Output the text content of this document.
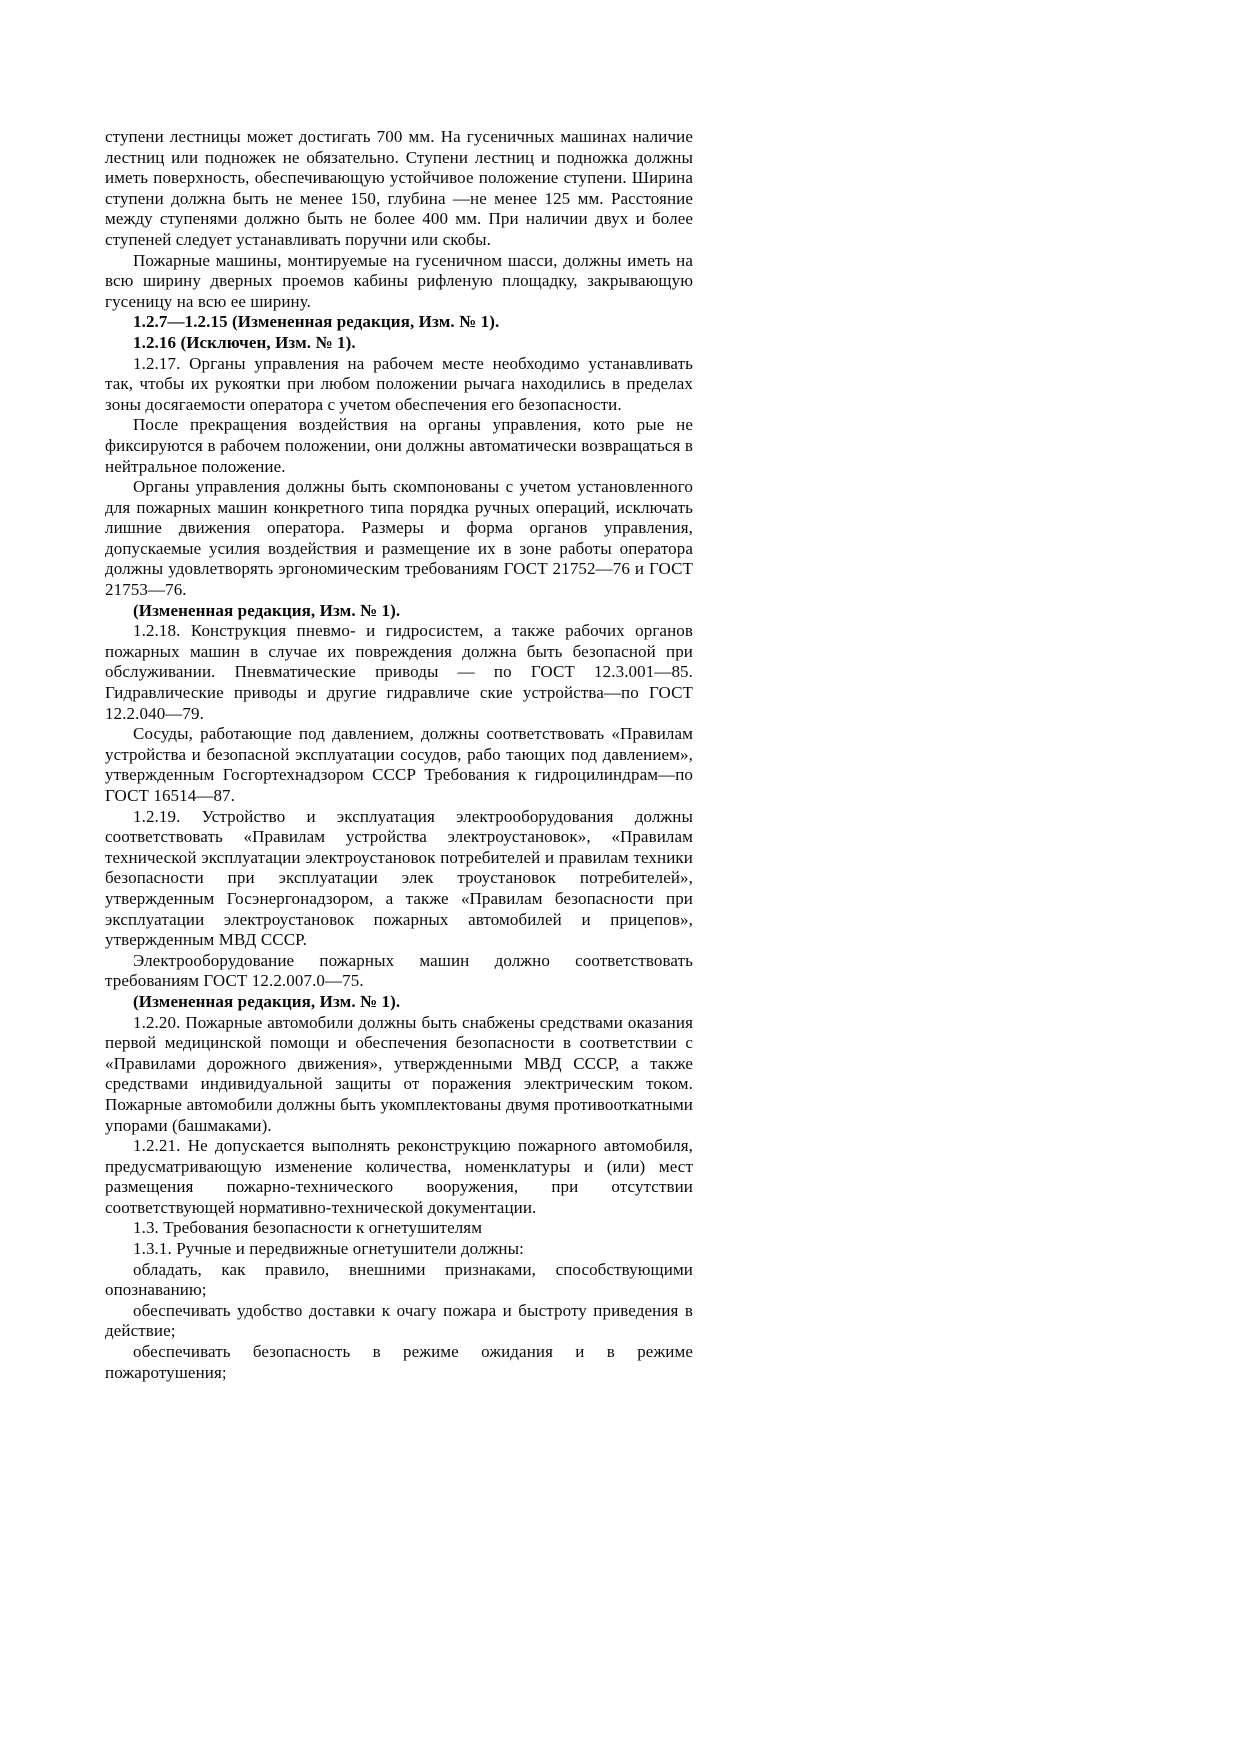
ступени лестницы может достигать 700 мм. На гусеничных машинах наличие лестниц или подножек не обязательно. Ступени лестниц и подножка должны иметь поверхность, обеспечивающую устойчивое положение ступени. Ширина ступени должна быть не менее 150, глубина —не менее 125 мм. Расстояние между ступенями должно быть не более 400 мм. При наличии двух и более ступеней следует устанавливать поручни или скобы.

Пожарные машины, монтируемые на гусеничном шасси, должны иметь на всю ширину дверных проемов кабины рифленую площадку, закрывающую гусеницу на всю ее ширину.

1.2.7—1.2.15 (Измененная редакция, Изм. № 1).

1.2.16 (Исключен, Изм. № 1).

1.2.17. Органы управления на рабочем месте необходимо устанавливать так, чтобы их рукоятки при любом положении рычага находились в пределах зоны досягаемости оператора с учетом обеспечения его безопасности.

После прекращения воздействия на органы управления, кото рые не фиксируются в рабочем положении, они должны автоматически возвращаться в нейтральное положение.

Органы управления должны быть скомпонованы с учетом установленного для пожарных машин конкретного типа порядка ручных операций, исключать лишние движения оператора. Размеры и форма органов управления, допускаемые усилия воздействия и размещение их в зоне работы оператора должны удовлетворять эргономическим требованиям ГОСТ 21752—76 и ГОСТ 21753—76.

(Измененная редакция, Изм. № 1).

1.2.18. Конструкция пневмо- и гидросистем, а также рабочих органов пожарных машин в случае их повреждения должна быть безопасной при обслуживании. Пневматические приводы — по ГОСТ 12.3.001—85. Гидравлические приводы и другие гидравличе ские устройства—по ГОСТ 12.2.040—79.

Сосуды, работающие под давлением, должны соответствовать «Правилам устройства и безопасной эксплуатации сосудов, рабо тающих под давлением», утвержденным Госгортехнадзором СССР Требования к гидроцилиндрам—по ГОСТ 16514—87.

1.2.19. Устройство и эксплуатация электрооборудования должны соответствовать «Правилам устройства электроустановок», «Правилам технической эксплуатации электроустановок потребителей и правилам техники безопасности при эксплуатации элек троустановок потребителей», утвержденным Госэнергонадзором, а также «Правилам безопасности при эксплуатации электроустановок пожарных автомобилей и прицепов», утвержденным МВД СССР.

Электрооборудование пожарных машин должно соответствовать требованиям ГОСТ 12.2.007.0—75.

(Измененная редакция, Изм. № 1).

1.2.20. Пожарные автомобили должны быть снабжены средствами оказания первой медицинской помощи и обеспечения безопасности в соответствии с «Правилами дорожного движения», утвержденными МВД СССР, а также средствами индивидуальной защиты от поражения электрическим током. Пожарные автомобили должны быть укомплектованы двумя противооткатными упорами (башмаками).

1.2.21. Не допускается выполнять реконструкцию пожарного автомобиля, предусматривающую изменение количества, номенклатуры и (или) мест размещения пожарно-технического вооружения, при отсутствии соответствующей нормативно-технической документации.

1.3. Требования безопасности к огнетушителям

1.3.1. Ручные и передвижные огнетушители должны:

обладать, как правило, внешними признаками, способствующими опознаванию;

обеспечивать удобство доставки к очагу пожара и быстроту приведения в действие;

обеспечивать безопасность в режиме ожидания и в режиме пожаротушения;
